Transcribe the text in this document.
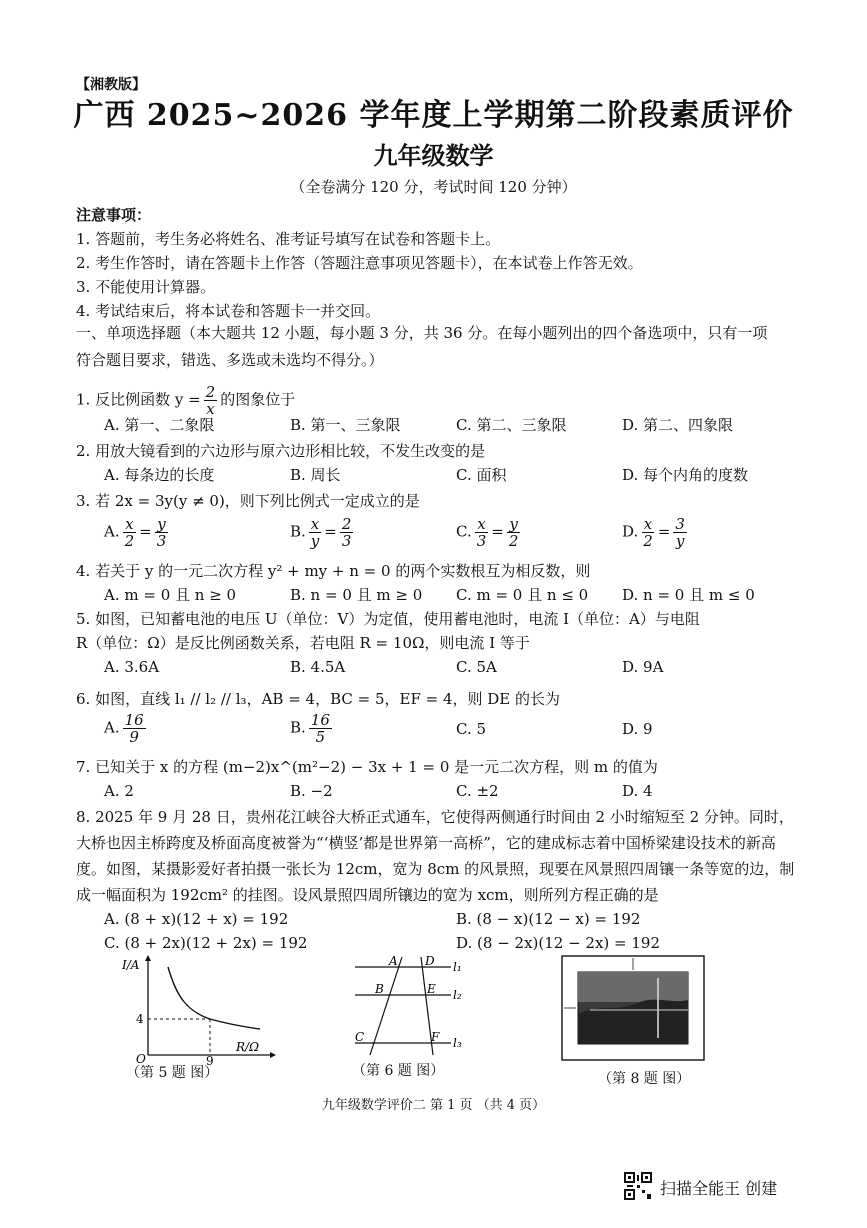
【湘教版】
广西 2025~2026 学年度上学期第二阶段素质评价
九年级数学
（全卷满分 120 分，考试时间 120 分钟）
注意事项：
1. 答题前，考生务必将姓名、准考证号填写在试卷和答题卡上。
2. 考生作答时，请在答题卡上作答（答题注意事项见答题卡），在本试卷上作答无效。
3. 不能使用计算器。
4. 考试结束后，将本试卷和答题卡一并交回。
一、单项选择题（本大题共 12 小题，每小题 3 分，共 36 分。在每小题列出的四个备选项中，只有一项符合题目要求，错选、多选或未选均不得分。）
1. 反比例函数 $y = \frac{2}{x}$ 的图象位于
A. 第一、二象限	B. 第一、三象限	C. 第二、三象限	D. 第二、四象限
2. 用放大镜看到的六边形与原六边形相比较，不发生改变的是
A. 每条边的长度	B. 周长	C. 面积	D. 每个内角的度数
3. 若 2x = 3y(y ≠ 0)，则下列比例式一定成立的是
A. $\frac{x}{2} = \frac{y}{3}$	B. $\frac{x}{y} = \frac{2}{3}$	C. $\frac{x}{3} = \frac{y}{2}$	D. $\frac{x}{2} = \frac{3}{y}$
4. 若关于 y 的一元二次方程 y² + my + n = 0 的两个实数根互为相反数，则
A. m = 0 且 n ≥ 0	B. n = 0 且 m ≥ 0 C. m = 0 且 n ≤ 0 D. n = 0 且 m ≤ 0
5. 如图，已知蓄电池的电压 U（单位：V）为定值，使用蓄电池时，电流 I（单位：A）与电阻
R（单位：Ω）是反比例函数关系，若电阻 R = 10Ω，则电流 I 等于
A. 3.6A	B. 4.5A	C. 5A	D. 9A
6. 如图，直线 l₁ // l₂ // l₃，AB = 4，BC = 5，EF = 4，则 DE 的长为
A. $\frac{16}{9}$	B. $\frac{16}{5}$	C. 5	D. 9
7. 已知关于 x 的方程 (m−2)x^(m²−2) − 3x + 1 = 0 是一元二次方程，则 m 的值为
A. 2	B. −2	C. ±2	D. 4
8. 2025 年 9 月 28 日，贵州花江峡谷大桥正式通车，它使得两侧通行时间由 2 小时缩短至 2 分钟。同时，大桥也因主桥跨度及桥面高度被誉为“‘横竖’都是世界第一高桥”，它的建成标志着中国桥梁建设技术的新高度。如图，某摄影爱好者拍摄一张长为 12cm，宽为 8cm 的风景照，现要在风景照四周镶一条等宽的边，制成一幅面积为 192cm² 的挂图。设风景照四周所镶边的宽为 xcm，则所列方程正确的是
A. (8 + x)(12 + x) = 192	B. (8 − x)(12 − x) = 192
C. (8 + 2x)(12 + 2x) = 192	D. (8 − 2x)(12 − 2x) = 192
I/A
R/Ω
O
4
9
（第 5 题 图）
A D
B	E
C	F
l₁
l₂
l₃
（第 6 题 图）	（第 8 题 图）
九年级数学评价二 第 1 页 （共 4 页）
扫描全能王 创建
